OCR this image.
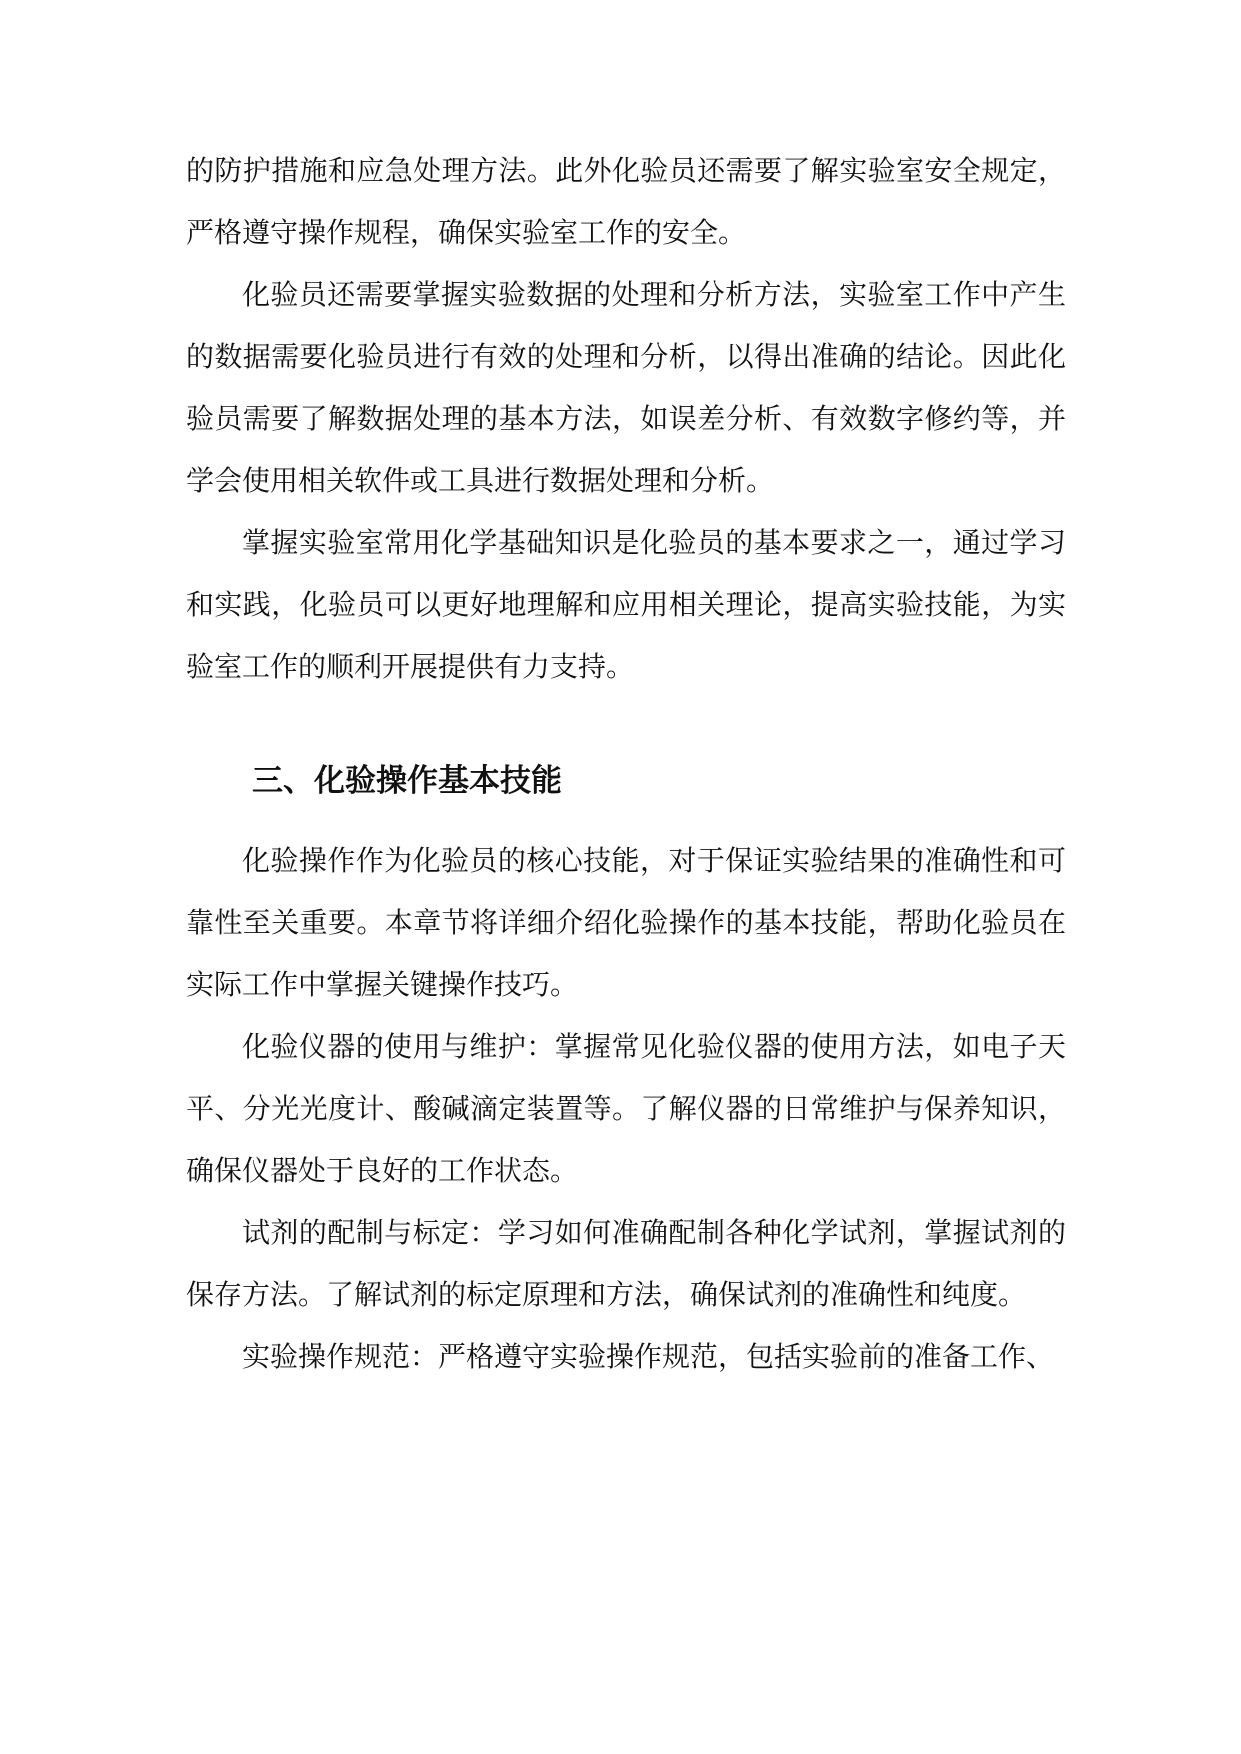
的防护措施和应急处理方法。此外化验员还需要了解实验室安全规定，严格遵守操作规程，确保实验室工作的安全。

化验员还需要掌握实验数据的处理和分析方法，实验室工作中产生的数据需要化验员进行有效的处理和分析，以得出准确的结论。因此化验员需要了解数据处理的基本方法，如误差分析、有效数字修约等，并学会使用相关软件或工具进行数据处理和分析。

掌握实验室常用化学基础知识是化验员的基本要求之一，通过学习和实践，化验员可以更好地理解和应用相关理论，提高实验技能，为实验室工作的顺利开展提供有力支持。

三、化验操作基本技能

化验操作作为化验员的核心技能，对于保证实验结果的准确性和可靠性至关重要。本章节将详细介绍化验操作的基本技能，帮助化验员在实际工作中掌握关键操作技巧。

化验仪器的使用与维护：掌握常见化验仪器的使用方法，如电子天平、分光光度计、酸碱滴定装置等。了解仪器的日常维护与保养知识，确保仪器处于良好的工作状态。

试剂的配制与标定：学习如何准确配制各种化学试剂，掌握试剂的保存方法。了解试剂的标定原理和方法，确保试剂的准确性和纯度。

实验操作规范：严格遵守实验操作规范，包括实验前的准备工作、
